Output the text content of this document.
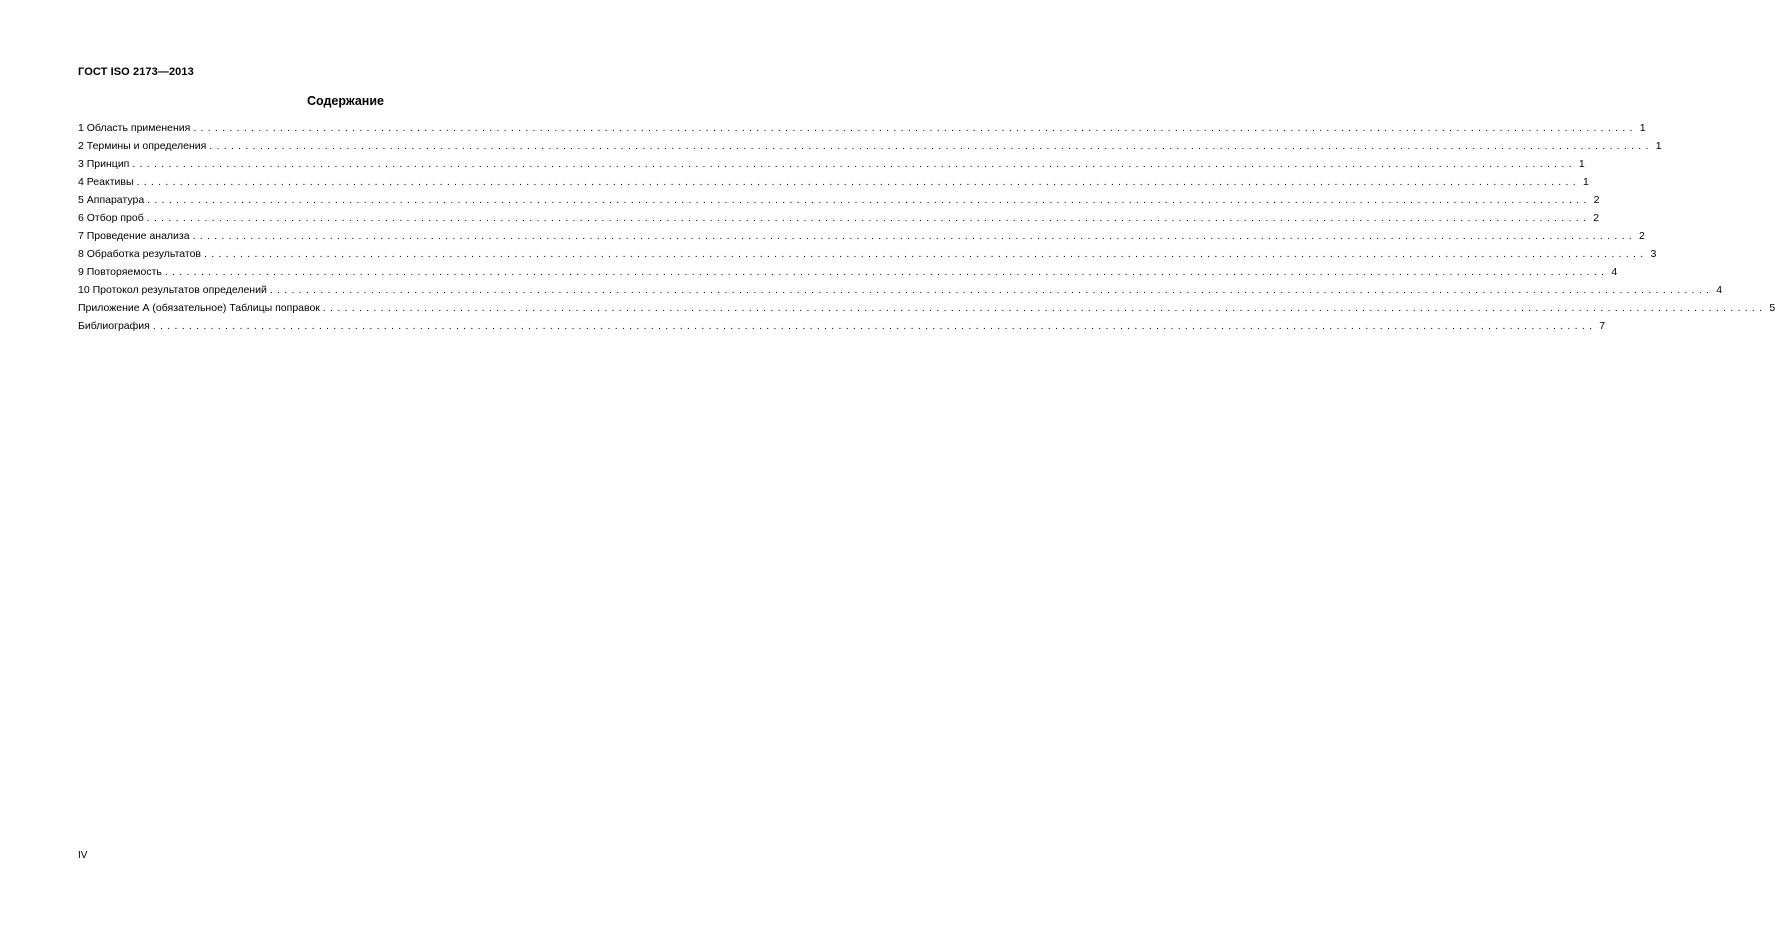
ГОСТ ISO 2173—2013
Содержание
1 Область применения ........................................................................................................................................................................................................ 1
2 Термины и определения ........................................................................................................................................................................................................ 1
3 Принцип ........................................................................................................................................................................................................ 1
4 Реактивы ........................................................................................................................................................................................................ 1
5 Аппаратура ........................................................................................................................................................................................................ 2
6 Отбор проб ........................................................................................................................................................................................................ 2
7 Проведение анализа ........................................................................................................................................................................................................ 2
8 Обработка результатов ........................................................................................................................................................................................................ 3
9 Повторяемость ........................................................................................................................................................................................................ 4
10 Протокол результатов определений ........................................................................................................................................................................................................ 4
Приложение А (обязательное) Таблицы поправок ........................................................................................................................................................................................................ 5
Библиография ........................................................................................................................................................................................................ 7
IV
